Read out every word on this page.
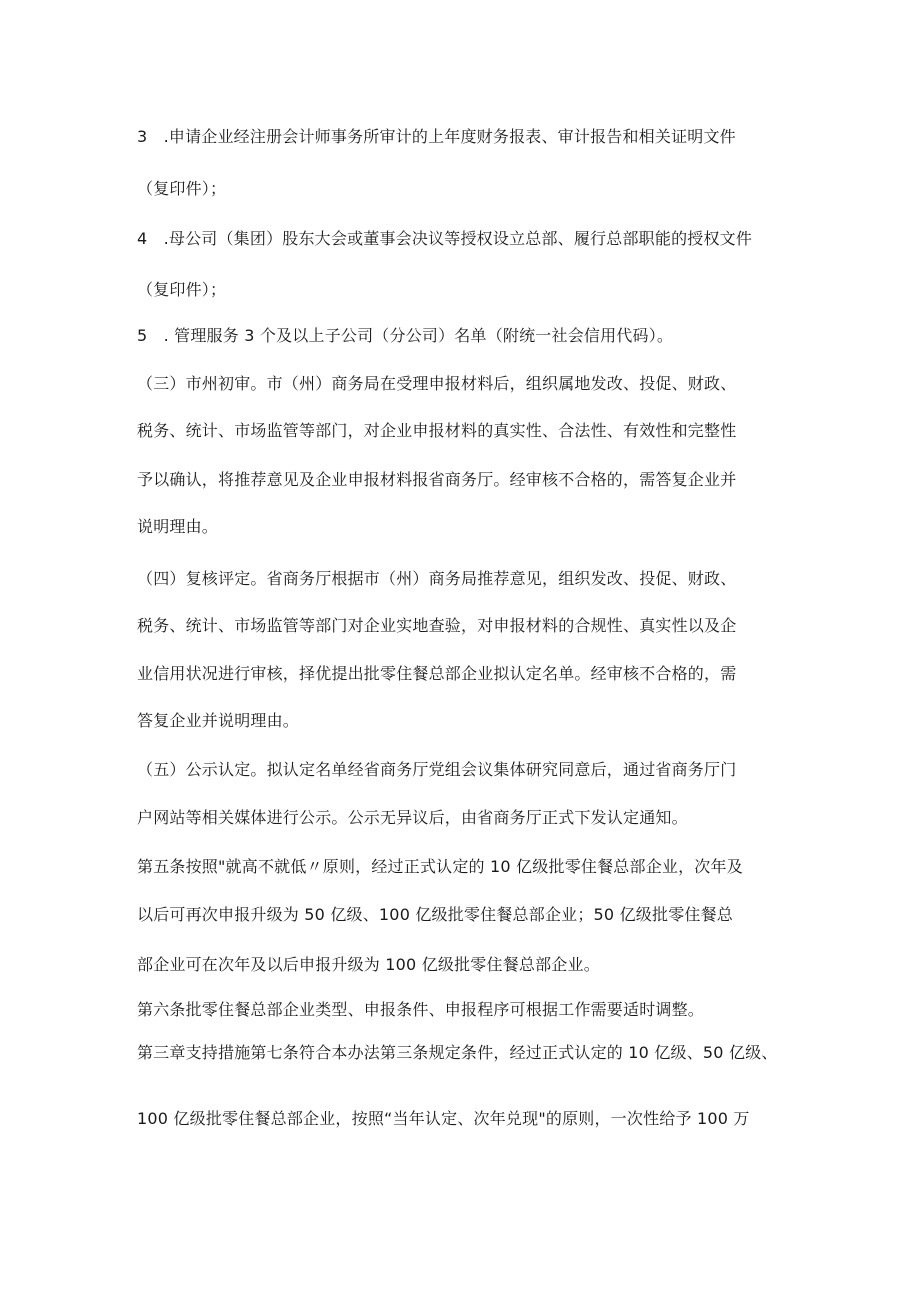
3　.申请企业经注册会计师事务所审计的上年度财务报表、审计报告和相关证明文件
（复印件）；
4　.母公司（集团）股东大会或董事会决议等授权设立总部、履行总部职能的授权文件
（复印件）；
5　. 管理服务 3 个及以上子公司（分公司）名单（附统一社会信用代码）。
（三）市州初审。市（州）商务局在受理申报材料后，组织属地发改、投促、财政、
税务、统计、市场监管等部门，对企业申报材料的真实性、合法性、有效性和完整性
予以确认，将推荐意见及企业申报材料报省商务厅。经审核不合格的，需答复企业并
说明理由。
（四）复核评定。省商务厅根据市（州）商务局推荐意见，组织发改、投促、财政、
税务、统计、市场监管等部门对企业实地查验，对申报材料的合规性、真实性以及企
业信用状况进行审核，择优提出批零住餐总部企业拟认定名单。经审核不合格的，需
答复企业并说明理由。
（五）公示认定。拟认定名单经省商务厅党组会议集体研究同意后，通过省商务厅门
户网站等相关媒体进行公示。公示无异议后，由省商务厅正式下发认定通知。
第五条按照"就高不就低〃原则，经过正式认定的 10 亿级批零住餐总部企业，次年及
以后可再次申报升级为 50 亿级、100 亿级批零住餐总部企业；50 亿级批零住餐总
部企业可在次年及以后申报升级为 100 亿级批零住餐总部企业。
第六条批零住餐总部企业类型、申报条件、申报程序可根据工作需要适时调整。
第三章支持措施第七条符合本办法第三条规定条件，经过正式认定的 10 亿级、50 亿级、
100 亿级批零住餐总部企业，按照“当年认定、次年兑现"的原则，一次性给予 100 万
